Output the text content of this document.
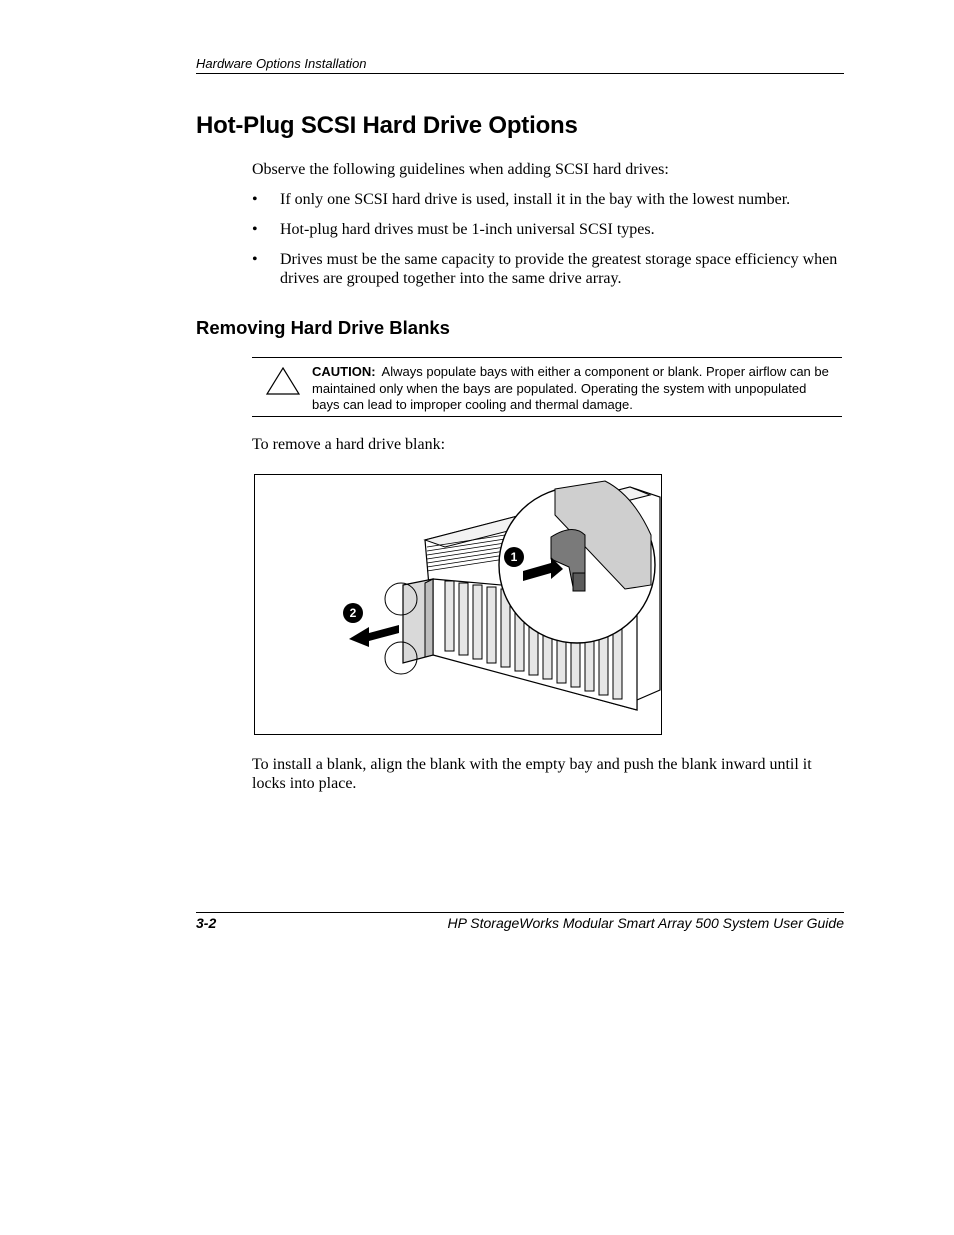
Hardware Options Installation
Hot-Plug SCSI Hard Drive Options
Observe the following guidelines when adding SCSI hard drives:
• If only one SCSI hard drive is used, install it in the bay with the lowest number.
• Hot-plug hard drives must be 1-inch universal SCSI types.
• Drives must be the same capacity to provide the greatest storage space efficiency when drives are grouped together into the same drive array.
Removing Hard Drive Blanks
CAUTION: Always populate bays with either a component or blank. Proper airflow can be maintained only when the bays are populated. Operating the system with unpopulated bays can lead to improper cooling and thermal damage.
To remove a hard drive blank:
1
2
To install a blank, align the blank with the empty bay and push the blank inward until it locks into place.
3-2	HP StorageWorks Modular Smart Array 500 System User Guide
